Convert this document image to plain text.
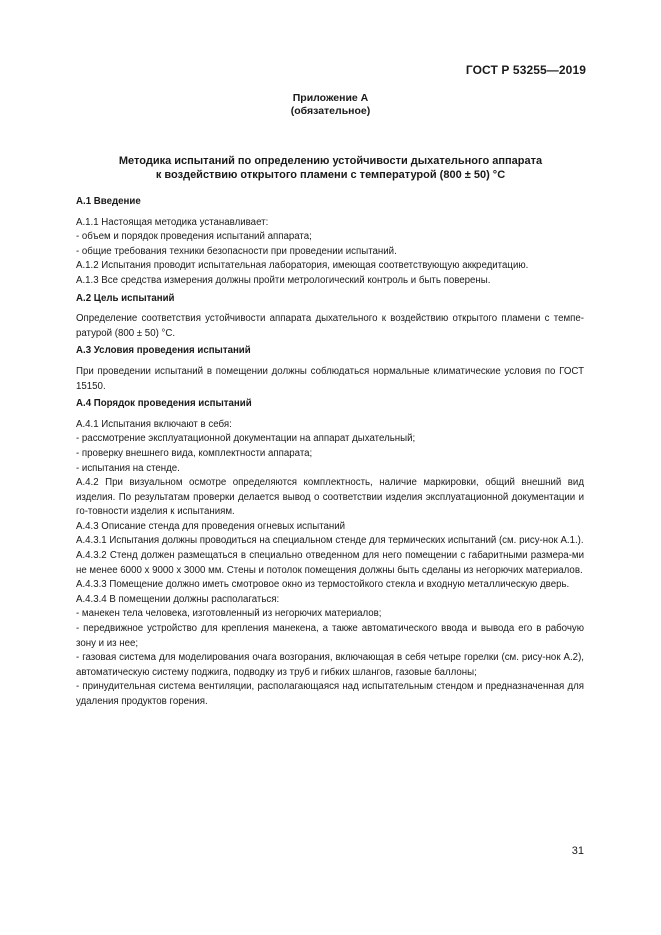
ГОСТ Р 53255—2019
Приложение А
(обязательное)
Методика испытаний по определению устойчивости дыхательного аппарата
к воздействию открытого пламени с температурой (800 ± 50) °С
А.1 Введение
А.1.1 Настоящая методика устанавливает:
- объем и порядок проведения испытаний аппарата;
- общие требования техники безопасности при проведении испытаний.
А.1.2 Испытания проводит испытательная лаборатория, имеющая соответствующую аккредитацию.
А.1.3 Все средства измерения должны пройти метрологический контроль и быть поверены.
А.2 Цель испытаний

Определение соответствия устойчивости аппарата дыхательного к воздействию открытого пламени с темпе-ратурой (800 ± 50) °С.

А.3 Условия проведения испытаний

При проведении испытаний в помещении должны соблюдаться нормальные климатические условия по ГОСТ 15150.

А.4 Порядок проведения испытаний
А.4.1 Испытания включают в себя:
- рассмотрение эксплуатационной документации на аппарат дыхательный;
- проверку внешнего вида, комплектности аппарата;
- испытания на стенде.

А.4.2 При визуальном осмотре определяются комплектность, наличие маркировки, общий внешний вид изделия. По результатам проверки делается вывод о соответствии изделия эксплуатационной документации и го-товности изделия к испытаниям.

А.4.3 Описание стенда для проведения огневых испытаний

А.4.3.1 Испытания должны проводиться на специальном стенде для термических испытаний (см. рису-нок А.1.).

А.4.3.2 Стенд должен размещаться в специально отведенном для него помещении с габаритными размера-ми не менее 6000 х 9000 х 3000 мм. Стены и потолок помещения должны быть сделаны из негорючих материалов.

А.4.3.3 Помещение должно иметь смотровое окно из термостойкого стекла и входную металлическую дверь.

А.4.3.4 В помещении должны располагаться:

- манекен тела человека, изготовленный из негорючих материалов;

- передвижное устройство для крепления манекена, а также автоматического ввода и вывода его в рабочую зону и из нее;

- газовая система для моделирования очага возгорания, включающая в себя четыре горелки (см. рису-нок А.2), автоматическую систему поджига, подводку из труб и гибких шлангов, газовые баллоны;

- принудительная система вентиляции, располагающаяся над испытательным стендом и предназначенная для удаления продуктов горения.

31
